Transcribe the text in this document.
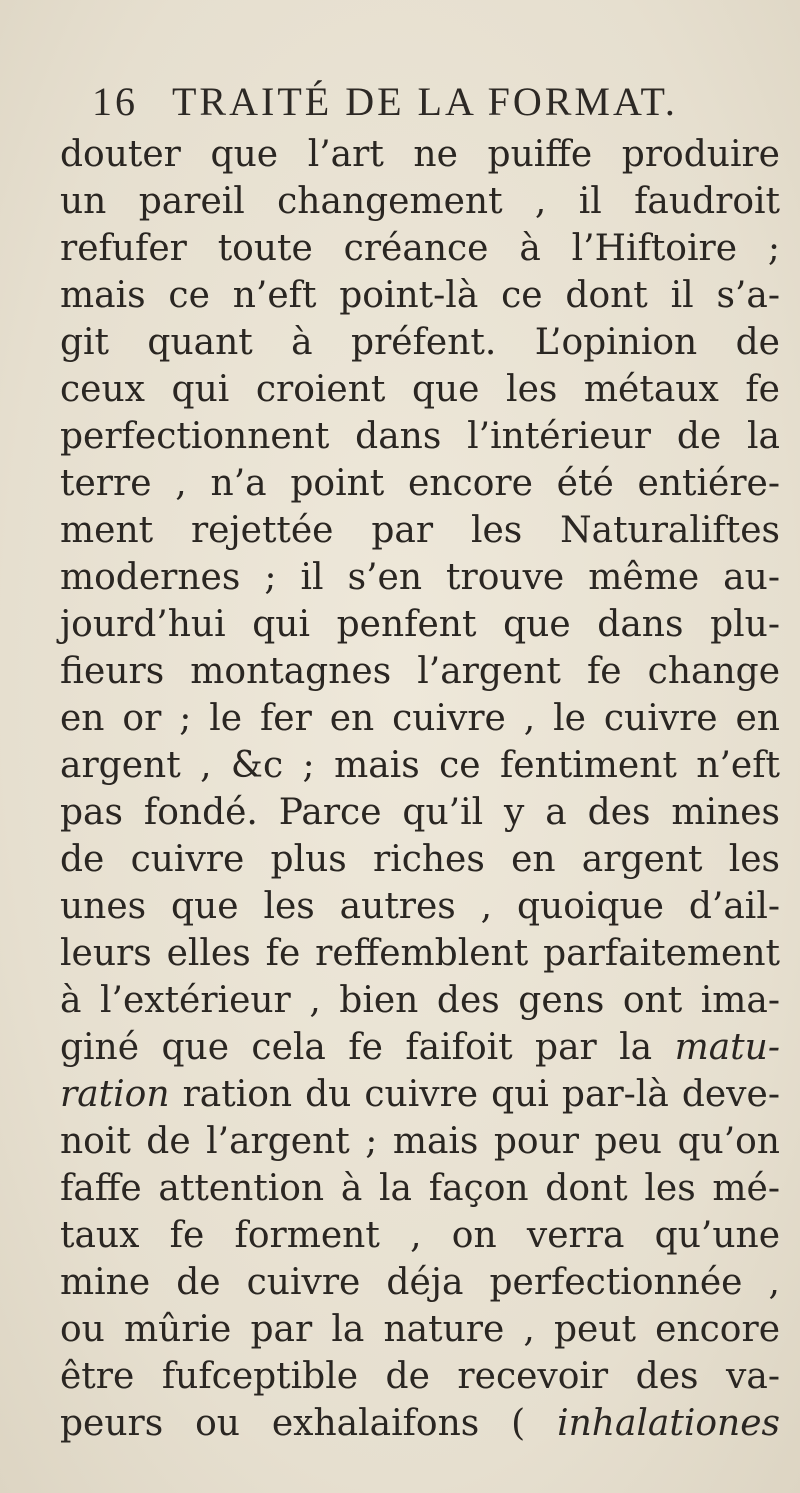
16 TRAITÉ DE LA FORMAT.
douter que l’art ne puiffe produire
un pareil changement , il faudroit
refufer toute créance à l’Hiftoire ;
mais ce n’eft point-là ce dont il s’a-
git quant à préfent. L’opinion de
ceux qui croient que les métaux fe
perfectionnent dans l’intérieur de la
terre , n’a point encore été entiére-
ment rejettée par les Naturaliftes
modernes ; il s’en trouve même au-
jourd’hui qui penfent que dans plu-
fieurs montagnes l’argent fe change
en or ; le fer en cuivre , le cuivre en
argent , &c ; mais ce fentiment n’eft
pas fondé. Parce qu’il y a des mines
de cuivre plus riches en argent les
unes que les autres , quoique d’ail-
leurs elles fe reffemblent parfaitement
à l’extérieur , bien des gens ont ima-
giné que cela fe faifoit par la matu-
ration ration du cuivre qui par-là deve-
noit de l’argent ; mais pour peu qu’on
faffe attention à la façon dont les mé-
taux fe forment , on verra qu’une
mine de cuivre déja perfectionnée ,
ou mûrie par la nature , peut encore
être fufceptible de recevoir des va-
peurs ou exhalaifons ( inhalationes
